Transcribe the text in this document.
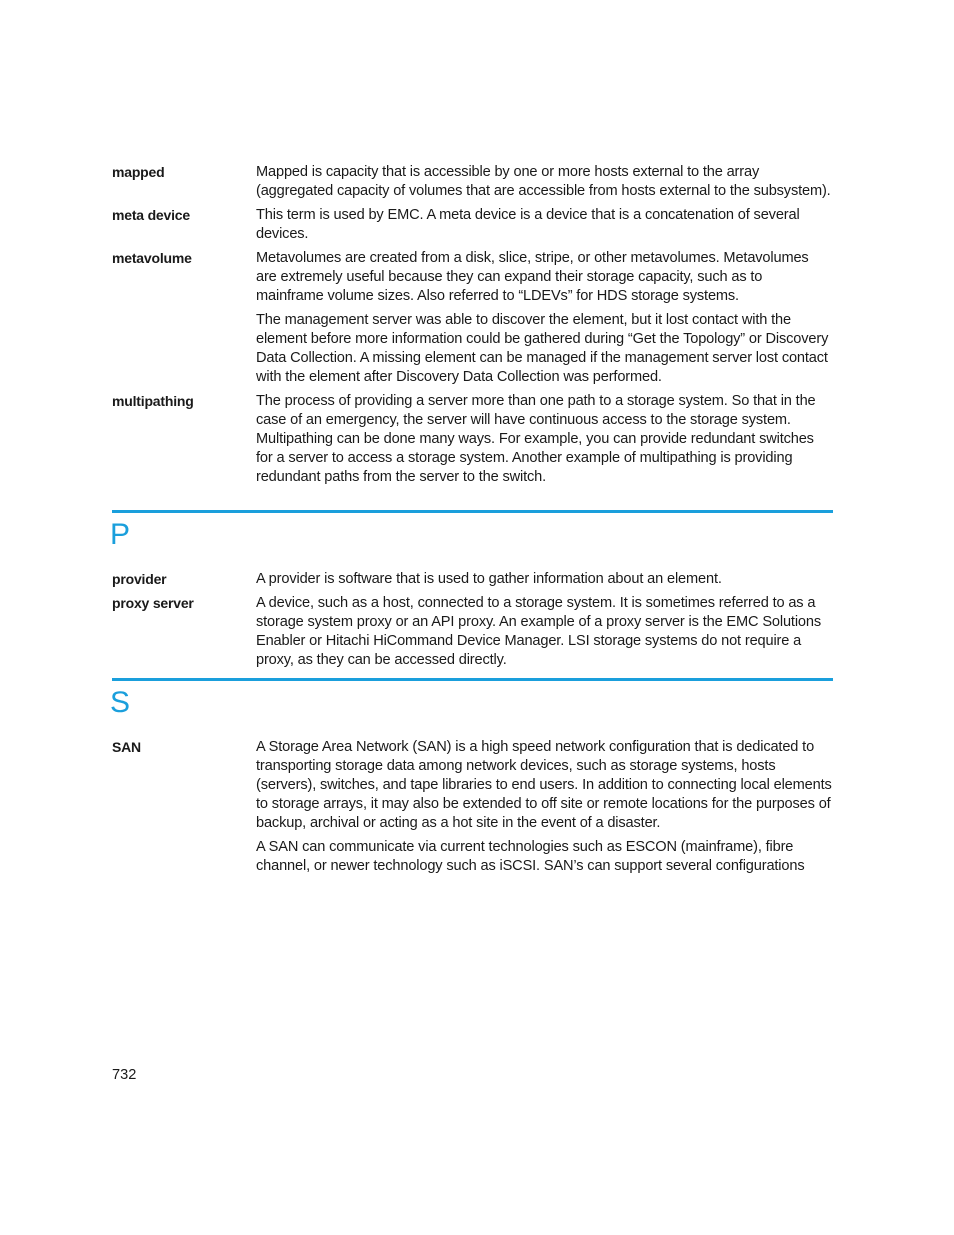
mapped	Mapped is capacity that is accessible by one or more hosts external to the array (aggregated capacity of volumes that are accessible from hosts external to the subsystem).

meta device	This term is used by EMC. A meta device is a device that is a concatenation of several devices.

metavolume	Metavolumes are created from a disk, slice, stripe, or other metavolumes. Metavolumes are extremely useful because they can expand their storage capacity, such as to mainframe volume sizes. Also referred to “LDEVs” for HDS storage systems.

The management server was able to discover the element, but it lost contact with the element before more information could be gathered during “Get the Topology” or Discovery Data Collection. A missing element can be managed if the management server lost contact with the element after Discovery Data Collection was performed.

multipathing	The process of providing a server more than one path to a storage system. So that in the case of an emergency, the server will have continuous access to the storage system. Multipathing can be done many ways. For example, you can provide redundant switches for a server to access a storage system. Another example of multipathing is providing redundant paths from the server to the switch.

P
provider	A provider is software that is used to gather information about an element.

proxy server	A device, such as a host, connected to a storage system. It is sometimes referred to as a storage system proxy or an API proxy. An example of a proxy server is the EMC Solutions Enabler or Hitachi HiCommand Device Manager. LSI storage systems do not require a proxy, as they can be accessed directly.

S
SAN	A Storage Area Network (SAN) is a high speed network configuration that is dedicated to transporting storage data among network devices, such as storage systems, hosts (servers), switches, and tape libraries to end users. In addition to connecting local elements to storage arrays, it may also be extended to off site or remote locations for the purposes of backup, archival or acting as a hot site in the event of a disaster.

A SAN can communicate via current technologies such as ESCON (mainframe), fibre channel, or newer technology such as iSCSI. SAN’s can support several configurations

732
